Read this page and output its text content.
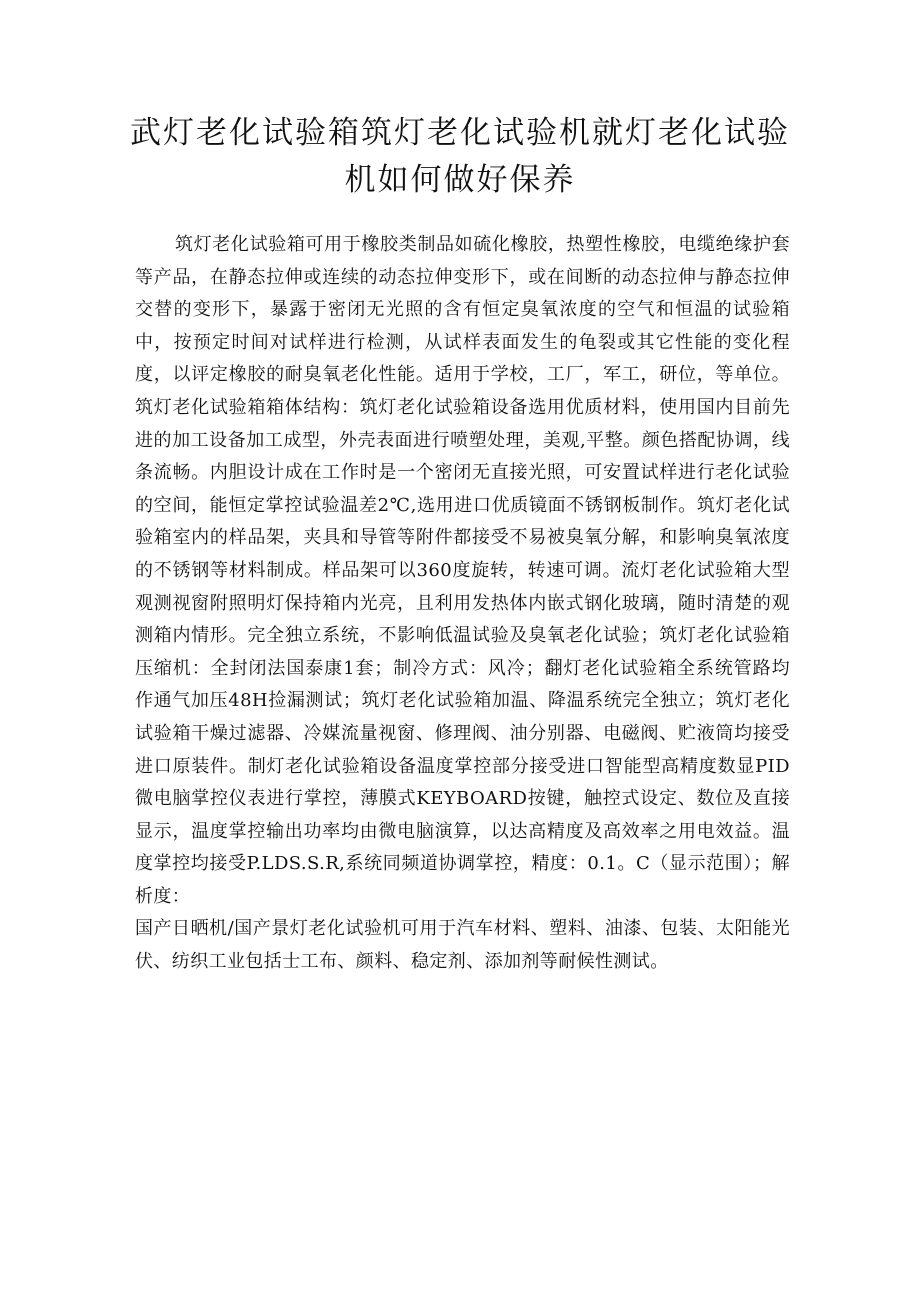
武灯老化试验箱筑灯老化试验机就灯老化试验机如何做好保养

筑灯老化试验箱可用于橡胶类制品如硫化橡胶，热塑性橡胶，电缆绝缘护套等产品，在静态拉伸或连续的动态拉伸变形下，或在间断的动态拉伸与静态拉伸交替的变形下，暴露于密闭无光照的含有恒定臭氧浓度的空气和恒温的试验箱中，按预定时间对试样进行检测，从试样表面发生的龟裂或其它性能的变化程度，以评定橡胶的耐臭氧老化性能。适用于学校，工厂，军工，研位，等单位。筑灯老化试验箱箱体结构：筑灯老化试验箱设备选用优质材料，使用国内目前先进的加工设备加工成型，外壳表面进行喷塑处理，美观,平整。颜色搭配协调，线条流畅。内胆设计成在工作时是一个密闭无直接光照，可安置试样进行老化试验的空间，能恒定掌控试验温差2℃,选用进口优质镜面不锈钢板制作。筑灯老化试验箱室内的样品架，夹具和导管等附件都接受不易被臭氧分解，和影响臭氧浓度的不锈钢等材料制成。样品架可以360度旋转，转速可调。流灯老化试验箱大型观测视窗附照明灯保持箱内光亮，且利用发热体内嵌式钢化玻璃，随时清楚的观测箱内情形。完全独立系统，不影响低温试验及臭氧老化试验；筑灯老化试验箱压缩机：全封闭法国泰康1套；制冷方式：风冷；翻灯老化试验箱全系统管路均作通气加压48H捡漏测试；筑灯老化试验箱加温、降温系统完全独立；筑灯老化试验箱干燥过滤器、冷媒流量视窗、修理阀、油分别器、电磁阀、贮液筒均接受进口原装件。制灯老化试验箱设备温度掌控部分接受进口智能型高精度数显PID微电脑掌控仪表进行掌控，薄膜式KEYBOARD按键，触控式设定、数位及直接显示，温度掌控输出功率均由微电脑演算，以达高精度及高效率之用电效益。温度掌控均接受P.LDS.S.R,系统同频道协调掌控，精度：0.1。C（显示范围）；解析度：

国产日晒机/国产景灯老化试验机可用于汽车材料、塑料、油漆、包装、太阳能光伏、纺织工业包括士工布、颜料、稳定剂、添加剂等耐候性测试。
